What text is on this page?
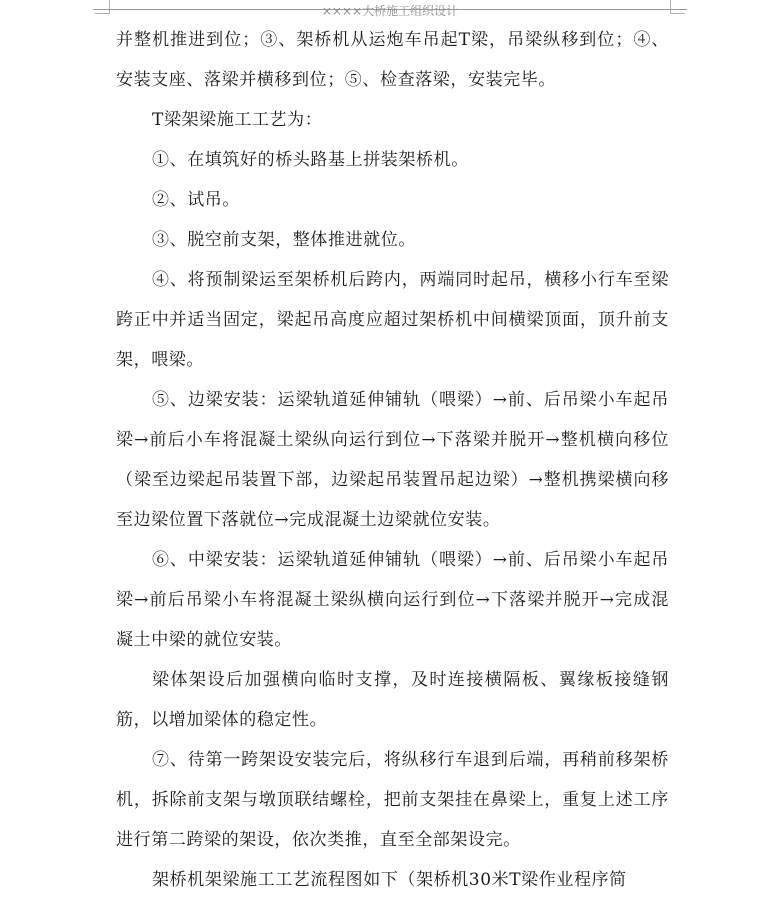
××××大桥施工组织设计

并整机推进到位；③、架桥机从运炮车吊起T梁，吊梁纵移到位；④、安装支座、落梁并横移到位；⑤、检查落梁，安装完毕。

T梁架梁施工工艺为：

①、在填筑好的桥头路基上拼装架桥机。

②、试吊。

③、脱空前支架，整体推进就位。

④、将预制梁运至架桥机后跨内，两端同时起吊，横移小行车至梁跨正中并适当固定，梁起吊高度应超过架桥机中间横梁顶面，顶升前支架，喂梁。

⑤、边梁安装：运梁轨道延伸铺轨（喂梁）→前、后吊梁小车起吊梁→前后小车将混凝土梁纵向运行到位→下落梁并脱开→整机横向移位（梁至边梁起吊装置下部，边梁起吊装置吊起边梁）→整机携梁横向移至边梁位置下落就位→完成混凝土边梁就位安装。

⑥、中梁安装：运梁轨道延伸铺轨（喂梁）→前、后吊梁小车起吊梁→前后吊梁小车将混凝土梁纵横向运行到位→下落梁并脱开→完成混凝土中梁的就位安装。

梁体架设后加强横向临时支撑，及时连接横隔板、翼缘板接缝钢筋，以增加梁体的稳定性。

⑦、待第一跨架设安装完后，将纵移行车退到后端，再稍前移架桥机，拆除前支架与墩顶联结螺栓，把前支架挂在鼻梁上，重复上述工序进行第二跨梁的架设，依次类推，直至全部架设完。

架桥机架梁施工工艺流程图如下（架桥机30米T梁作业程序简
